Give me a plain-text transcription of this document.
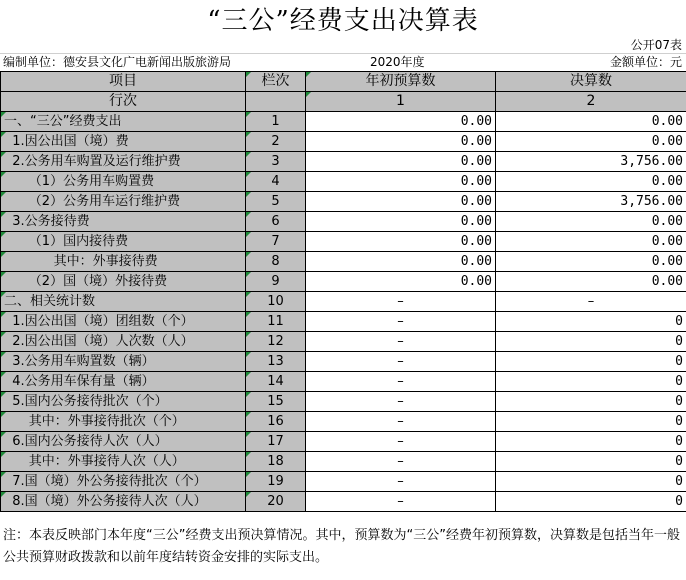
“三公”经费支出决算表
公开07表
编制单位：德安县文化广电新闻出版旅游局	2020年度	金额单位：元
项目	栏次	年初预算数	决算数
行次		1	2
一、“三公”经费支出	1	0.00	0.00
1.因公出国（境）费	2	0.00	0.00
2.公务用车购置及运行维护费	3	0.00	3,756.00
（1）公务用车购置费	4	0.00	0.00
（2）公务用车运行维护费	5	0.00	3,756.00
3.公务接待费	6	0.00	0.00
（1）国内接待费	7	0.00	0.00
其中：外事接待费	8	0.00	0.00
（2）国（境）外接待费	9	0.00	0.00
二、相关统计数	10	–	–
1.因公出国（境）团组数（个）	11	–	0
2.因公出国（境）人次数（人）	12	–	0
3.公务用车购置数（辆）	13	–	0
4.公务用车保有量（辆）	14	–	0
5.国内公务接待批次（个）	15	–	0
其中：外事接待批次（个）	16	–	0
6.国内公务接待人次（人）	17	–	0
其中：外事接待人次（人）	18	–	0
7.国（境）外公务接待批次（个）	19	–	0
8.国（境）外公务接待人次（人）	20	–	0
注：本表反映部门本年度“三公”经费支出预决算情况。其中，预算数为“三公”经费年初预算数，决算数是包括当年一般公共预算财政拨款和以前年度结转资金安排的实际支出。
